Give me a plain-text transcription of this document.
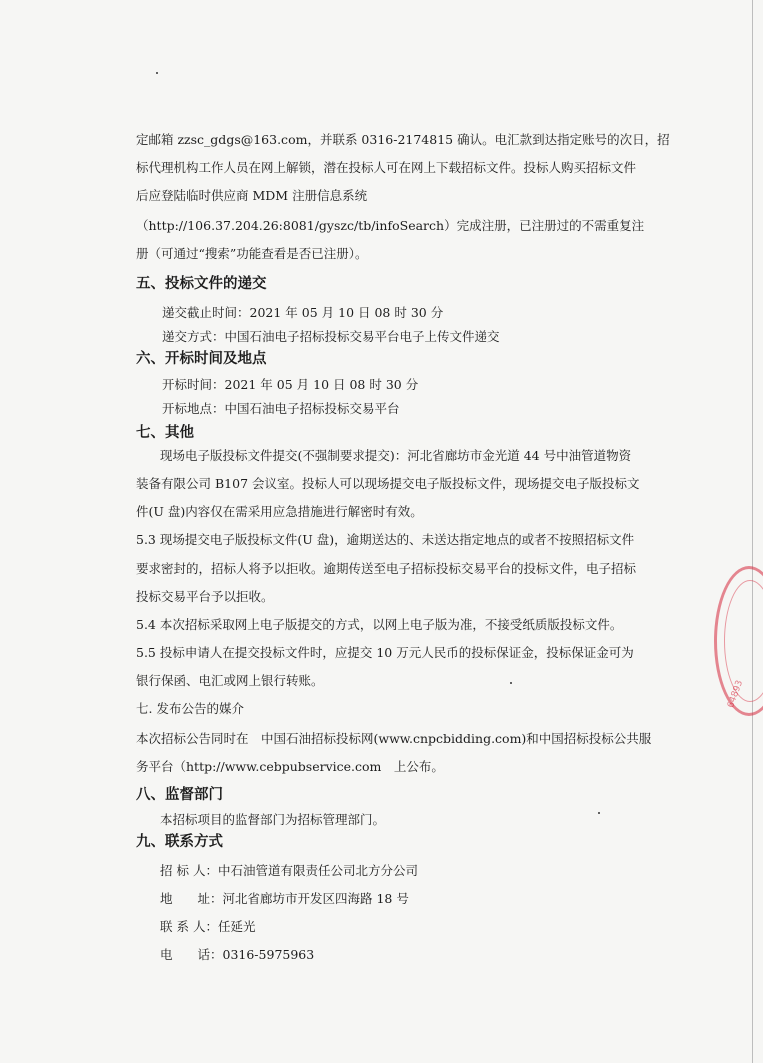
定邮箱 zzsc_gdgs@163.com，并联系 0316-2174815 确认。电汇款到达指定账号的次日，招
标代理机构工作人员在网上解锁，潜在投标人可在网上下载招标文件。投标人购买招标文件
后应登陆临时供应商 MDM 注册信息系统
（http://106.37.204.26:8081/gyszc/tb/infoSearch）完成注册，已注册过的不需重复注
册（可通过“搜索”功能查看是否已注册）。
五、投标文件的递交
递交截止时间：2021 年 05 月 10 日 08 时 30 分
递交方式：中国石油电子招标投标交易平台电子上传文件递交
六、开标时间及地点
开标时间：2021 年 05 月 10 日 08 时 30 分
开标地点：中国石油电子招标投标交易平台
七、其他
现场电子版投标文件提交(不强制要求提交)：河北省廊坊市金光道 44 号中油管道物资
装备有限公司 B107 会议室。投标人可以现场提交电子版投标文件，现场提交电子版投标文
件(U 盘)内容仅在需采用应急措施进行解密时有效。
5.3 现场提交电子版投标文件(U 盘)，逾期送达的、未送达指定地点的或者不按照招标文件
要求密封的，招标人将予以拒收。逾期传送至电子招标投标交易平台的投标文件，电子招标
投标交易平台予以拒收。
5.4 本次招标采取网上电子版提交的方式，以网上电子版为准，不接受纸质版投标文件。
5.5 投标申请人在提交投标文件时，应提交 10 万元人民币的投标保证金，投标保证金可为
银行保函、电汇或网上银行转账。
七. 发布公告的媒介
本次招标公告同时在　中国石油招标投标网(www.cnpcbidding.com)和中国招标投标公共服
务平台（http://www.cebpubservice.com　上公布。
八、监督部门
本招标项目的监督部门为招标管理部门。
九、联系方式
招 标 人：中石油管道有限责任公司北方分公司
地　　址：河北省廊坊市开发区四海路 18 号
联 系 人：任延光
电　　话：0316-5975963
64893
